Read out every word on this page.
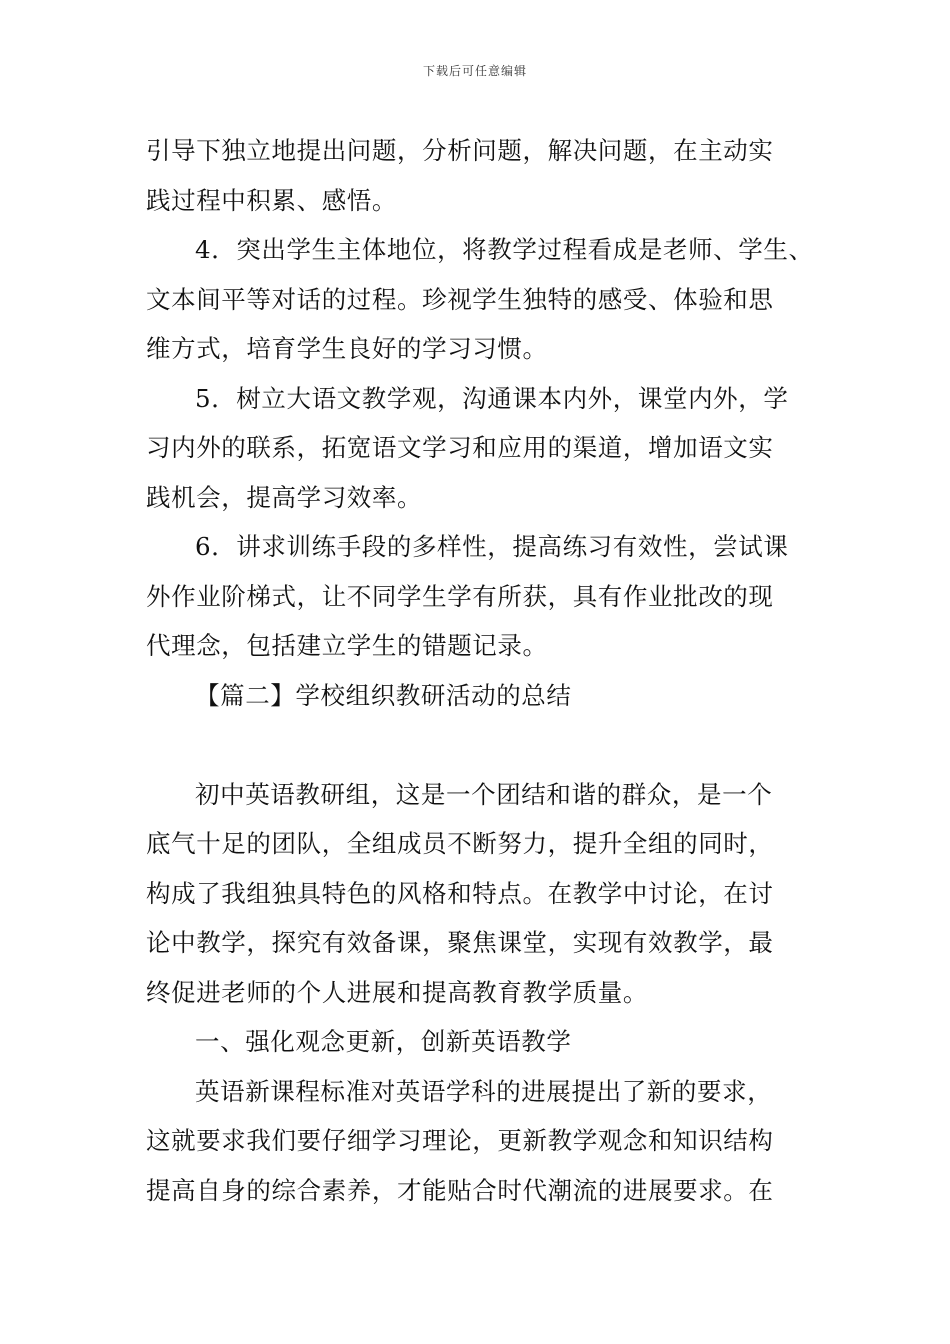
下载后可任意编辑

引导下独立地提出问题，分析问题，解决问题，在主动实
践过程中积累、感悟。

4．突出学生主体地位，将教学过程看成是老师、学生、
文本间平等对话的过程。珍视学生独特的感受、体验和思
维方式，培育学生良好的学习习惯。

5．树立大语文教学观，沟通课本内外，课堂内外，学
习内外的联系，拓宽语文学习和应用的渠道，增加语文实
践机会，提高学习效率。

6．讲求训练手段的多样性，提高练习有效性，尝试课
外作业阶梯式，让不同学生学有所获，具有作业批改的现
代理念，包括建立学生的错题记录。

【篇二】学校组织教研活动的总结

初中英语教研组，这是一个团结和谐的群众，是一个
底气十足的团队，全组成员不断努力，提升全组的同时，
构成了我组独具特色的风格和特点。在教学中讨论，在讨
论中教学，探究有效备课，聚焦课堂，实现有效教学，最
终促进老师的个人进展和提高教育教学质量。

一、强化观念更新，创新英语教学

英语新课程标准对英语学科的进展提出了新的要求，
这就要求我们要仔细学习理论，更新教学观念和知识结构
提高自身的综合素养，才能贴合时代潮流的进展要求。在
